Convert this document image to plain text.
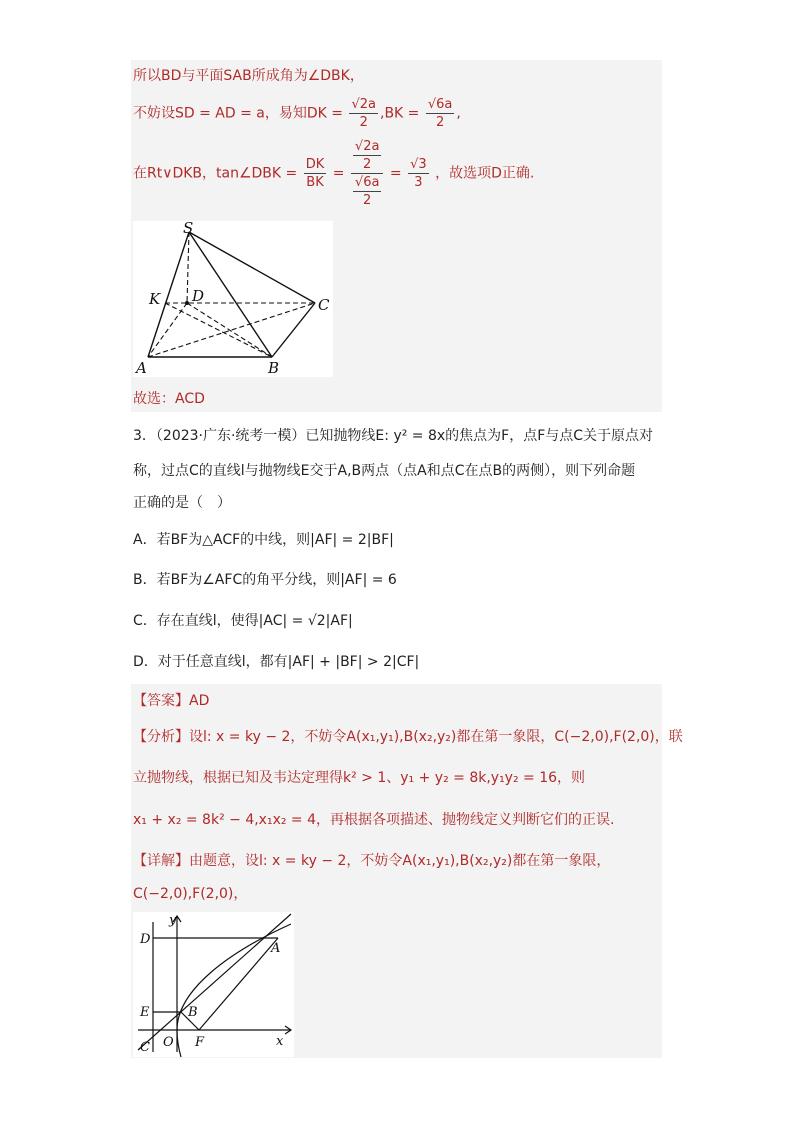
所以BD与平面SAB所成角为∠DBK，
不妨设SD = AD = a，易知DK = $\frac{√2a}{2} ,BK = \frac{√6a}{2}$ ,
在Rt∨DKB，tan∠DBK = $\frac{DK}{BK} = \frac{\frac{√2a}{2}}{\frac{√6a}{2}} = \frac{√3}{3}$ ，故选项D正确.
S
K D	C
A	B
故选：ACD
3．（2023·广东·统考一模）已知抛物线E: y² = 8x的焦点为F，点F与点C关于原点对
称，过点C的直线l与抛物线E交于A,B两点（点A和点C在点B的两侧），则下列命题
正确的是（　）
A．若BF为△ACF的中线，则|AF| = 2|BF|
B．若BF为∠AFC的角平分线，则|AF| = 6
C．存在直线l，使得|AC| = √2|AF|
D．对于任意直线l，都有|AF| + |BF| > 2|CF|
【答案】AD
【分析】设l: x = ky − 2，不妨令A(x₁,y₁),B(x₂,y₂)都在第一象限，C(−2,0),F(2,0)，联
立抛物线，根据已知及韦达定理得k² > 1、y₁ + y₂ = 8k,y₁y₂ = 16，则
x₁ + x₂ = 8k² − 4,x₁x₂ = 4，再根据各项描述、抛物线定义判断它们的正误.
【详解】由题意，设l: x = ky − 2，不妨令A(x₁,y₁),B(x₂,y₂)都在第一象限，
C(−2,0),F(2,0)，
y
D
A
E	B
C O F	x
